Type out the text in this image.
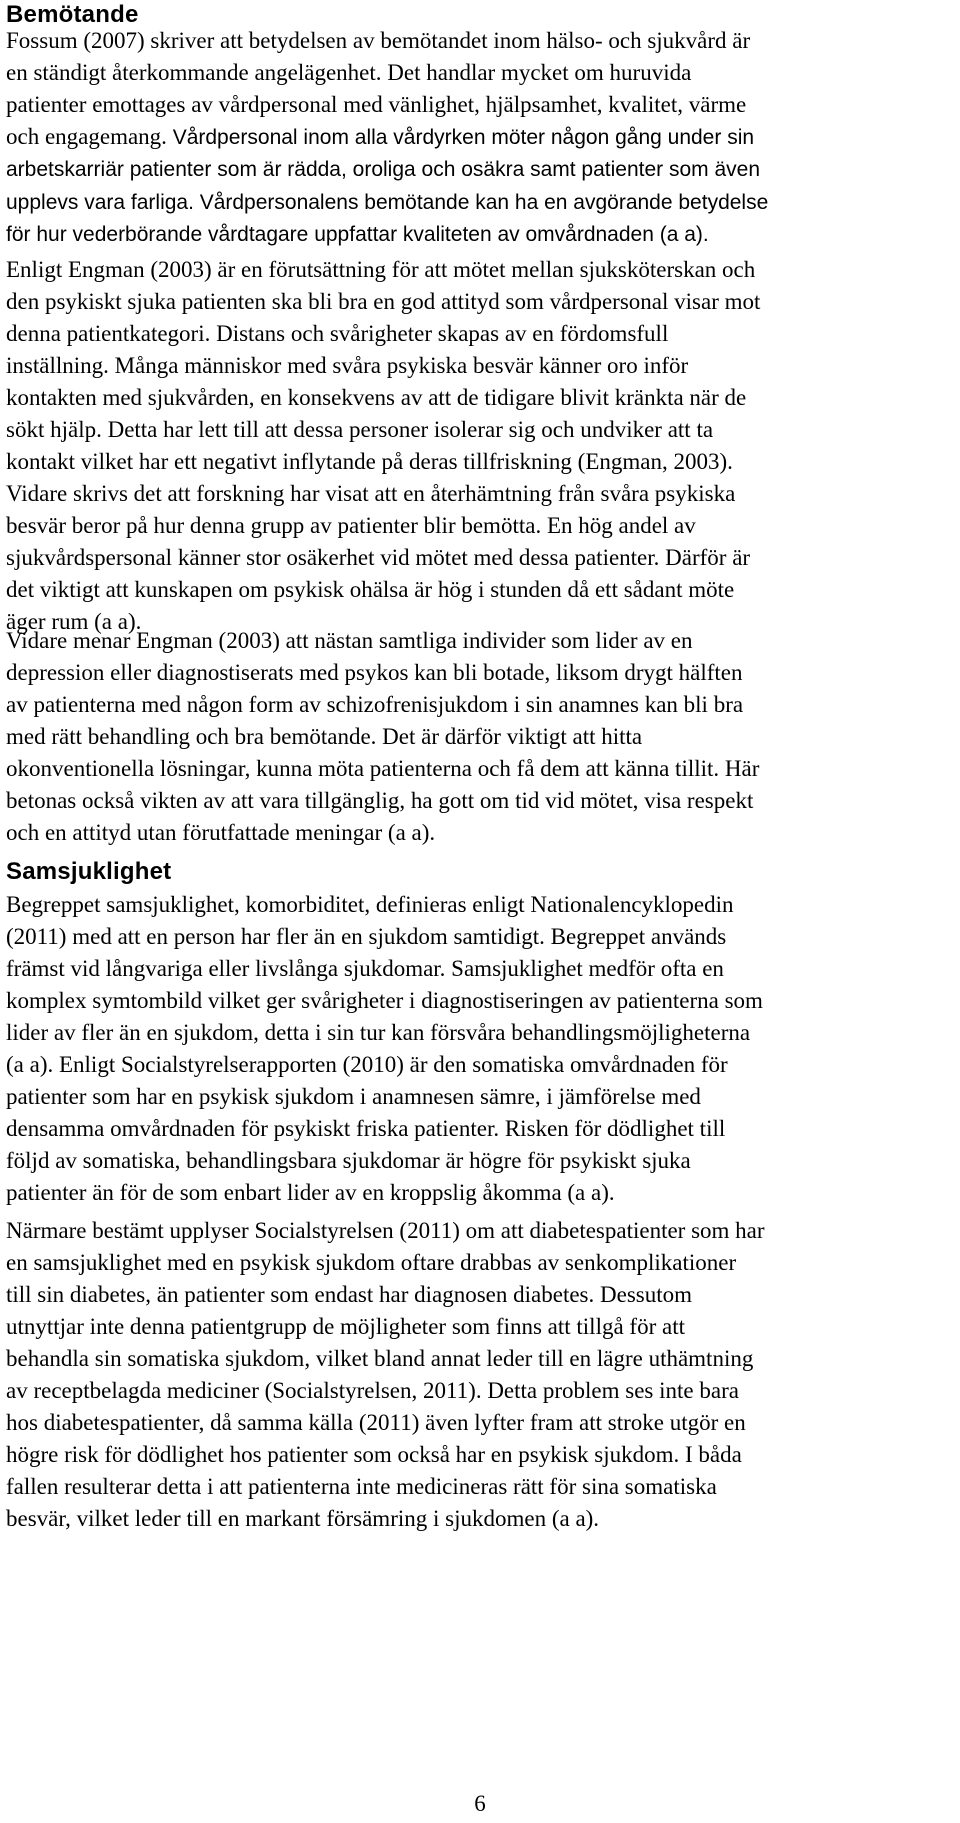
Bemötande
Fossum (2007) skriver att betydelsen av bemötandet inom hälso- och sjukvård är
en ständigt återkommande angelägenhet. Det handlar mycket om huruvida
patienter emottages av vårdpersonal med vänlighet, hjälpsamhet, kvalitet, värme
och engagemang. Vårdpersonal inom alla vårdyrken möter någon gång under sin
arbetskarriär patienter som är rädda, oroliga och osäkra samt patienter som även
upplevs vara farliga. Vårdpersonalens bemötande kan ha en avgörande betydelse
för hur vederbörande vårdtagare uppfattar kvaliteten av omvårdnaden (a a).
Enligt Engman (2003) är en förutsättning för att mötet mellan sjuksköterskan och
den psykiskt sjuka patienten ska bli bra en god attityd som vårdpersonal visar mot
denna patientkategori. Distans och svårigheter skapas av en fördomsfull
inställning. Många människor med svåra psykiska besvär känner oro inför
kontakten med sjukvården, en konsekvens av att de tidigare blivit kränkta när de
sökt hjälp. Detta har lett till att dessa personer isolerar sig och undviker att ta
kontakt vilket har ett negativt inflytande på deras tillfriskning (Engman, 2003).
Vidare skrivs det att forskning har visat att en återhämtning från svåra psykiska
besvär beror på hur denna grupp av patienter blir bemötta. En hög andel av
sjukvårdspersonal känner stor osäkerhet vid mötet med dessa patienter. Därför är
det viktigt att kunskapen om psykisk ohälsa är hög i stunden då ett sådant möte
äger rum (a a).
Vidare menar Engman (2003) att nästan samtliga individer som lider av en
depression eller diagnostiserats med psykos kan bli botade, liksom drygt hälften
av patienterna med någon form av schizofrenisjukdom i sin anamnes kan bli bra
med rätt behandling och bra bemötande. Det är därför viktigt att hitta
okonventionella lösningar, kunna möta patienterna och få dem att känna tillit. Här
betonas också vikten av att vara tillgänglig, ha gott om tid vid mötet, visa respekt
och en attityd utan förutfattade meningar (a a).
Samsjuklighet
Begreppet samsjuklighet, komorbiditet, definieras enligt Nationalencyklopedin
(2011) med att en person har fler än en sjukdom samtidigt. Begreppet används
främst vid långvariga eller livslånga sjukdomar. Samsjuklighet medför ofta en
komplex symtombild vilket ger svårigheter i diagnostiseringen av patienterna som
lider av fler än en sjukdom, detta i sin tur kan försvåra behandlingsmöjligheterna
(a a). Enligt Socialstyrelserapporten (2010) är den somatiska omvårdnaden för
patienter som har en psykisk sjukdom i anamnesen sämre, i jämförelse med
densamma omvårdnaden för psykiskt friska patienter. Risken för dödlighet till
följd av somatiska, behandlingsbara sjukdomar är högre för psykiskt sjuka
patienter än för de som enbart lider av en kroppslig åkomma (a a).
Närmare bestämt upplyser Socialstyrelsen (2011) om att diabetespatienter som har
en samsjuklighet med en psykisk sjukdom oftare drabbas av senkomplikationer
till sin diabetes, än patienter som endast har diagnosen diabetes. Dessutom
utnyttjar inte denna patientgrupp de möjligheter som finns att tillgå för att
behandla sin somatiska sjukdom, vilket bland annat leder till en lägre uthämtning
av receptbelagda mediciner (Socialstyrelsen, 2011). Detta problem ses inte bara
hos diabetespatienter, då samma källa (2011) även lyfter fram att stroke utgör en
högre risk för dödlighet hos patienter som också har en psykisk sjukdom. I båda
fallen resulterar detta i att patienterna inte medicineras rätt för sina somatiska
besvär, vilket leder till en markant försämring i sjukdomen (a a).
6
